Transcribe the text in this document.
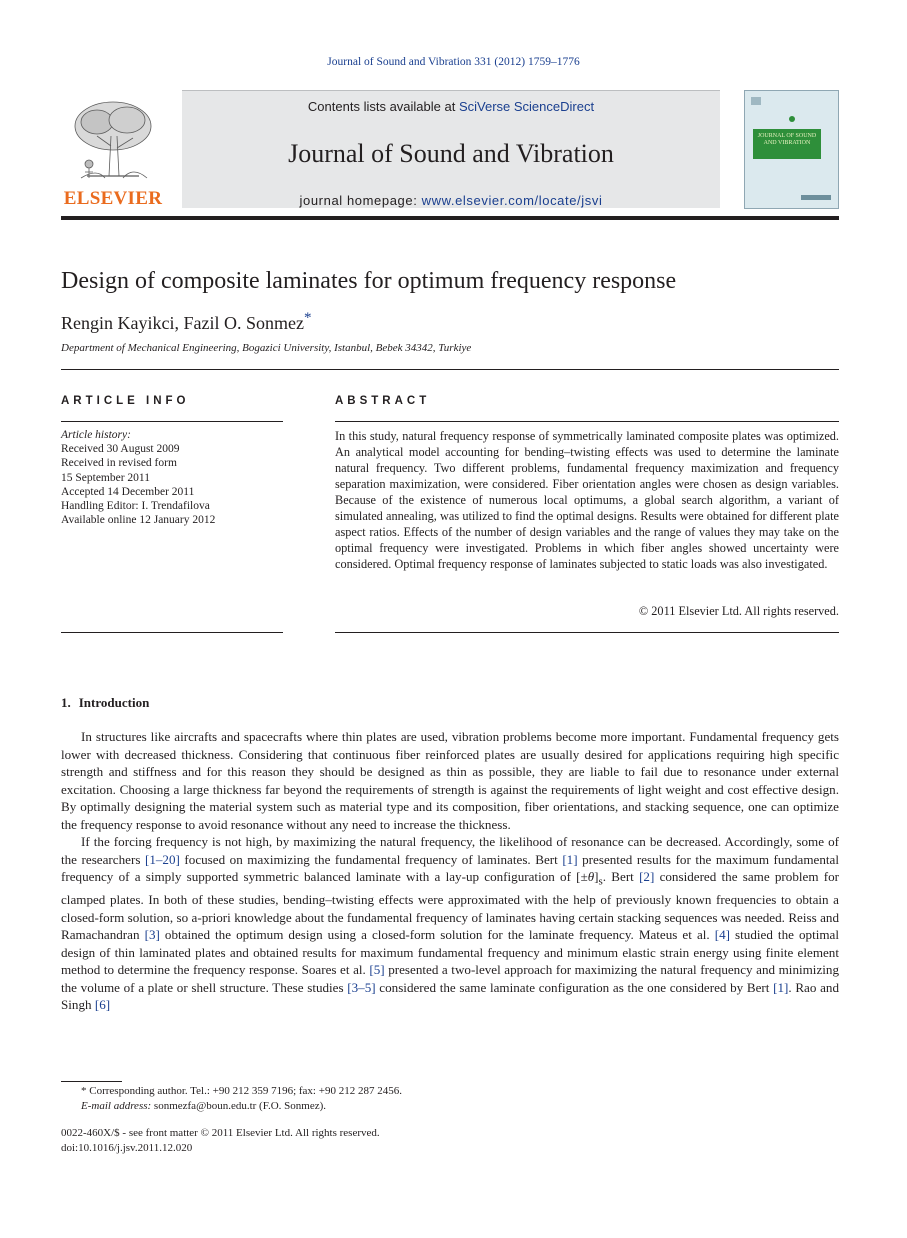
Journal of Sound and Vibration 331 (2012) 1759–1776
ELSEVIER
Contents lists available at SciVerse ScienceDirect
Journal of Sound and Vibration
journal homepage: www.elsevier.com/locate/jsvi
JOURNAL OF SOUND AND VIBRATION
Design of composite laminates for optimum frequency response
Rengin Kayikci, Fazil O. Sonmez*
Department of Mechanical Engineering, Bogazici University, Istanbul, Bebek 34342, Turkiye
ARTICLE INFO	ABSTRACT
Article history:
Received 30 August 2009
Received in revised form
15 September 2011
Accepted 14 December 2011
Handling Editor: I. Trendafilova
Available online 12 January 2012
In this study, natural frequency response of symmetrically laminated composite plates was optimized. An analytical model accounting for bending–twisting effects was used to determine the laminate natural frequency. Two different problems, fundamental frequency maximization and frequency separation maximization, were considered. Fiber orientation angles were chosen as design variables. Because of the existence of numerous local optimums, a global search algorithm, a variant of simulated annealing, was utilized to find the optimal designs. Results were obtained for different plate aspect ratios. Effects of the number of design variables and the range of values they may take on the optimal frequency were investigated. Problems in which fiber angles showed uncertainty were considered. Optimal frequency response of laminates subjected to static loads was also investigated.
© 2011 Elsevier Ltd. All rights reserved.
1. Introduction

In structures like aircrafts and spacecrafts where thin plates are used, vibration problems become more important. Fundamental frequency gets lower with decreased thickness. Considering that continuous fiber reinforced plates are usually desired for applications requiring high specific strength and stiffness and for this reason they should be designed as thin as possible, they are liable to fail due to resonance under external excitation. Choosing a large thickness far beyond the requirements of strength is against the requirements of light weight and cost effective design. By optimally designing the material system such as material type and its composition, fiber orientations, and stacking sequence, one can optimize the frequency response to avoid resonance without any need to increase the thickness.

If the forcing frequency is not high, by maximizing the natural frequency, the likelihood of resonance can be decreased. Accordingly, some of the researchers [1–20] focused on maximizing the fundamental frequency of laminates. Bert [1] presented results for the maximum fundamental frequency of a simply supported symmetric balanced laminate with a lay-up configuration of $[\pm\theta]_s$. Bert [2] considered the same problem for clamped plates. In both of these studies, bending–twisting effects were approximated with the help of previously known frequencies to obtain a closed-form solution, so a-priori knowledge about the fundamental frequency of laminates having certain stacking sequences was needed. Reiss and Ramachandran [3] obtained the optimum design using a closed-form solution for the laminate frequency. Mateus et al. [4] studied the optimal design of thin laminated plates and obtained results for maximum fundamental frequency and minimum elastic strain energy using finite element method to determine the frequency response. Soares et al. [5] presented a two-level approach for maximizing the natural frequency and minimizing the volume of a plate or shell structure. These studies [3–5] considered the same laminate configuration as the one considered by Bert [1]. Rao and Singh [6]

* Corresponding author. Tel.: +90 212 359 7196; fax: +90 212 287 2456.
E-mail address: sonmezfa@boun.edu.tr (F.O. Sonmez).
0022-460X/$ - see front matter © 2011 Elsevier Ltd. All rights reserved.
doi:10.1016/j.jsv.2011.12.020
